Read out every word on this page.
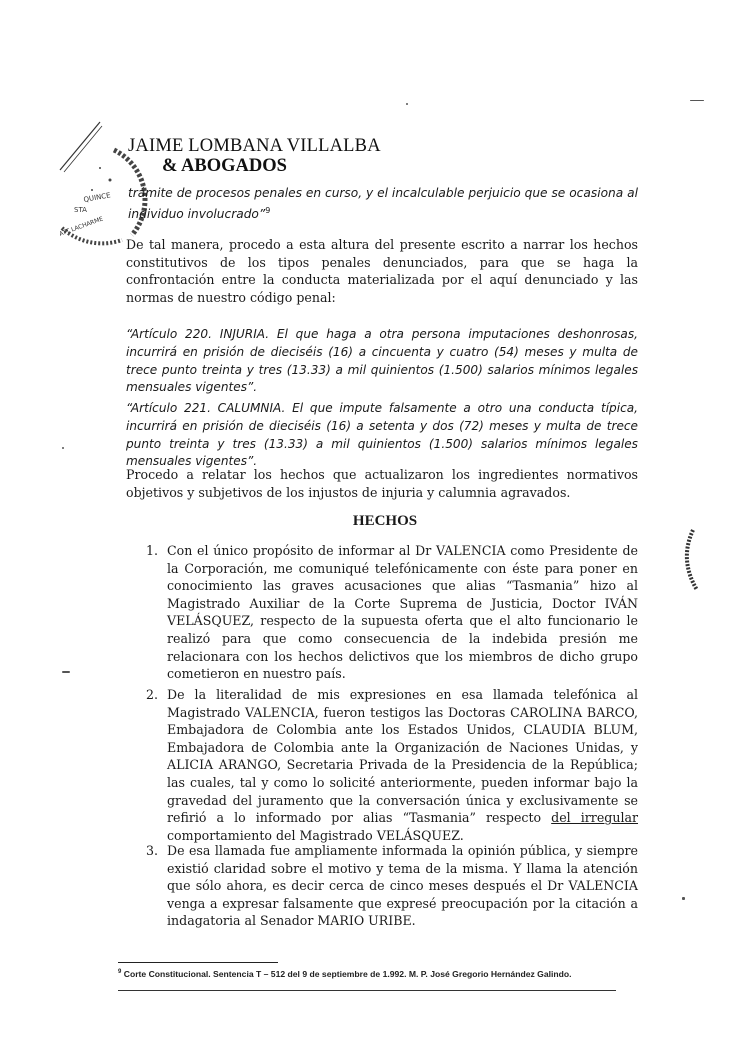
QUINCE
STA
ATT LACHARME
JAIME LOMBANA VILLALBA
& ABOGADOS
trámite de procesos penales en curso, y el incalculable perjuicio que se ocasiona al individuo involucrado”$^9$
De tal manera, procedo a esta altura del presente escrito a narrar los hechos constitutivos de los tipos penales denunciados, para que se haga la confrontación entre la conducta materializada por el aquí denunciado y las normas de nuestro código penal:
“Artículo 220. INJURIA. El que haga a otra persona imputaciones deshonrosas, incurrirá en prisión de dieciséis (16) a cincuenta y cuatro (54) meses y multa de trece punto treinta y tres (13.33) a mil quinientos (1.500) salarios mínimos legales mensuales vigentes”.
“Artículo 221. CALUMNIA. El que impute falsamente a otro una conducta típica, incurrirá en prisión de dieciséis (16) a setenta y dos (72) meses y multa de trece punto treinta y tres (13.33) a mil quinientos (1.500) salarios mínimos legales mensuales vigentes”.
Procedo a relatar los hechos que actualizaron los ingredientes normativos objetivos y subjetivos de los injustos de injuria y calumnia agravados.
HECHOS
1. Con el único propósito de informar al Dr VALENCIA como Presidente de la Corporación, me comuniqué telefónicamente con éste para poner en conocimiento las graves acusaciones que alias “Tasmania” hizo al Magistrado Auxiliar de la Corte Suprema de Justicia, Doctor IVÁN VELÁSQUEZ, respecto de la supuesta oferta que el alto funcionario le realizó para que como consecuencia de la indebida presión me relacionara con los hechos delictivos que los miembros de dicho grupo cometieron en nuestro país.
2. De la literalidad de mis expresiones en esa llamada telefónica al Magistrado VALENCIA, fueron testigos las Doctoras CAROLINA BARCO, Embajadora de Colombia ante los Estados Unidos, CLAUDIA BLUM, Embajadora de Colombia ante la Organización de Naciones Unidas, y ALICIA ARANGO, Secretaria Privada de la Presidencia de la República; las cuales, tal y como lo solicité anteriormente, pueden informar bajo la gravedad del juramento que la conversación única y exclusivamente se refirió a lo informado por alias “Tasmania” respecto del irregular comportamiento del Magistrado VELÁSQUEZ.
3. De esa llamada fue ampliamente informada la opinión pública, y siempre existió claridad sobre el motivo y tema de la misma. Y llama la atención que sólo ahora, es decir cerca de cinco meses después el Dr VALENCIA venga a expresar falsamente que expresé preocupación por la citación a indagatoria al Senador MARIO URIBE.
$^9$ Corte Constitucional. Sentencia T – 512 del 9 de septiembre de 1.992. M. P. José Gregorio Hernández Galindo.
